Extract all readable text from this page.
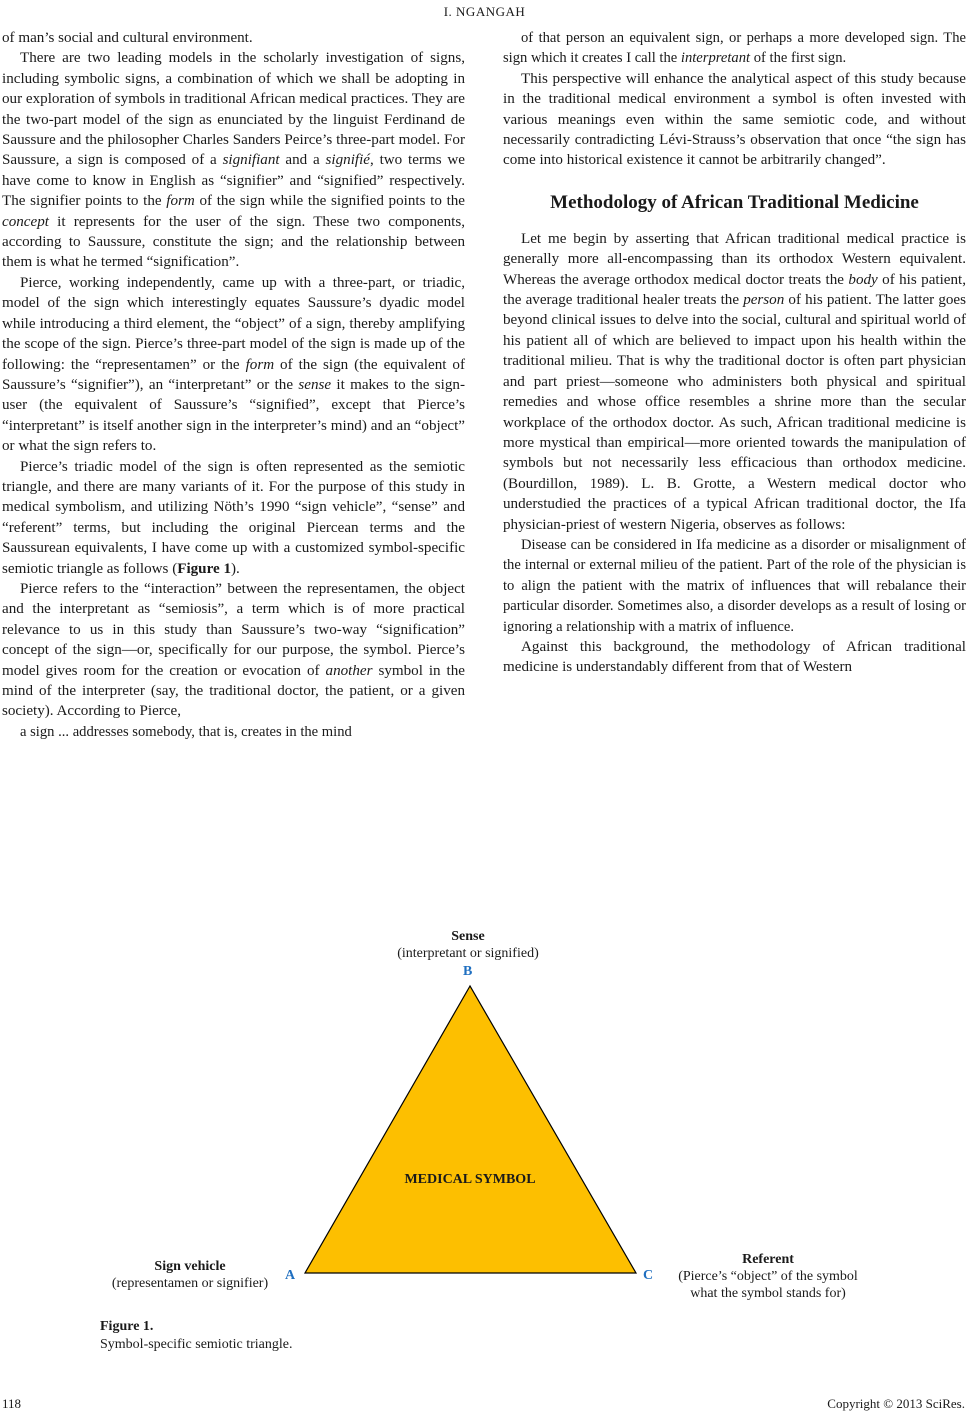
I. NGANGAH

of man’s social and cultural environment.

There are two leading models in the scholarly investigation of signs, including symbolic signs, a combination of which we shall be adopting in our exploration of symbols in traditional African medical practices. They are the two-part model of the sign as enunciated by the linguist Ferdinand de Saussure and the philosopher Charles Sanders Peirce’s three-part model. For Saussure, a sign is composed of a signifiant and a signifié, two terms we have come to know in English as “signifier” and “signified” respectively. The signifier points to the form of the sign while the signified points to the concept it represents for the user of the sign. These two components, according to Saussure, constitute the sign; and the relationship between them is what he termed “signification”.

Pierce, working independently, came up with a three-part, or triadic, model of the sign which interestingly equates Saussure’s dyadic model while introducing a third element, the “object” of a sign, thereby amplifying the scope of the sign. Pierce’s three-part model of the sign is made up of the following: the “representamen” or the form of the sign (the equivalent of Saussure’s “signifier”), an “interpretant” or the sense it makes to the sign-user (the equivalent of Saussure’s “signified”, except that Pierce’s “interpretant” is itself another sign in the interpreter’s mind) and an “object” or what the sign refers to.

Pierce’s triadic model of the sign is often represented as the semiotic triangle, and there are many variants of it. For the purpose of this study in medical symbolism, and utilizing Nöth’s 1990 “sign vehicle”, “sense” and “referent” terms, but including the original Piercean terms and the Saussurean equivalents, I have come up with a customized symbol-specific semiotic triangle as follows (Figure 1).

Pierce refers to the “interaction” between the representamen, the object and the interpretant as “semiosis”, a term which is of more practical relevance to us in this study than Saussure’s two-way “signification” concept of the sign—or, specifically for our purpose, the symbol. Pierce’s model gives room for the creation or evocation of another symbol in the mind of the interpreter (say, the traditional doctor, the patient, or a given society). According to Pierce,

a sign ... addresses somebody, that is, creates in the mind

of that person an equivalent sign, or perhaps a more developed sign. The sign which it creates I call the interpretant of the first sign.

This perspective will enhance the analytical aspect of this study because in the traditional medical environment a symbol is often invested with various meanings even within the same semiotic code, and without necessarily contradicting Lévi-Strauss’s observation that once “the sign has come into historical existence it cannot be arbitrarily changed”.

Methodology of African Traditional Medicine

Let me begin by asserting that African traditional medical practice is generally more all-encompassing than its orthodox Western equivalent. Whereas the average orthodox medical doctor treats the body of his patient, the average traditional healer treats the person of his patient. The latter goes beyond clinical issues to delve into the social, cultural and spiritual world of his patient all of which are believed to impact upon his health within the traditional milieu. That is why the traditional doctor is often part physician and part priest—someone who administers both physical and spiritual remedies and whose office resembles a shrine more than the secular workplace of the orthodox doctor. As such, African traditional medicine is more mystical than empirical—more oriented towards the manipulation of symbols but not necessarily less efficacious than orthodox medicine. (Bourdillon, 1989). L. B. Grotte, a Western medical doctor who understudied the practices of a typical African traditional doctor, the Ifa physician-priest of western Nigeria, observes as follows:

Disease can be considered in Ifa medicine as a disorder or misalignment of the internal or external milieu of the patient. Part of the role of the physician is to align the patient with the matrix of influences that will rebalance their particular disorder. Sometimes also, a disorder develops as a result of losing or ignoring a relationship with a matrix of influence.

Against this background, the methodology of African traditional medicine is understandably different from that of Western

Sense
(interpretant or signified)
B
MEDICAL SYMBOL
Sign vehicle
(representamen or signifier)
A	C
Referent
(Pierce’s “object” of the symbol
what the symbol stands for)
Figure 1.
Symbol-specific semiotic triangle.
118	Copyright © 2013 SciRes.
